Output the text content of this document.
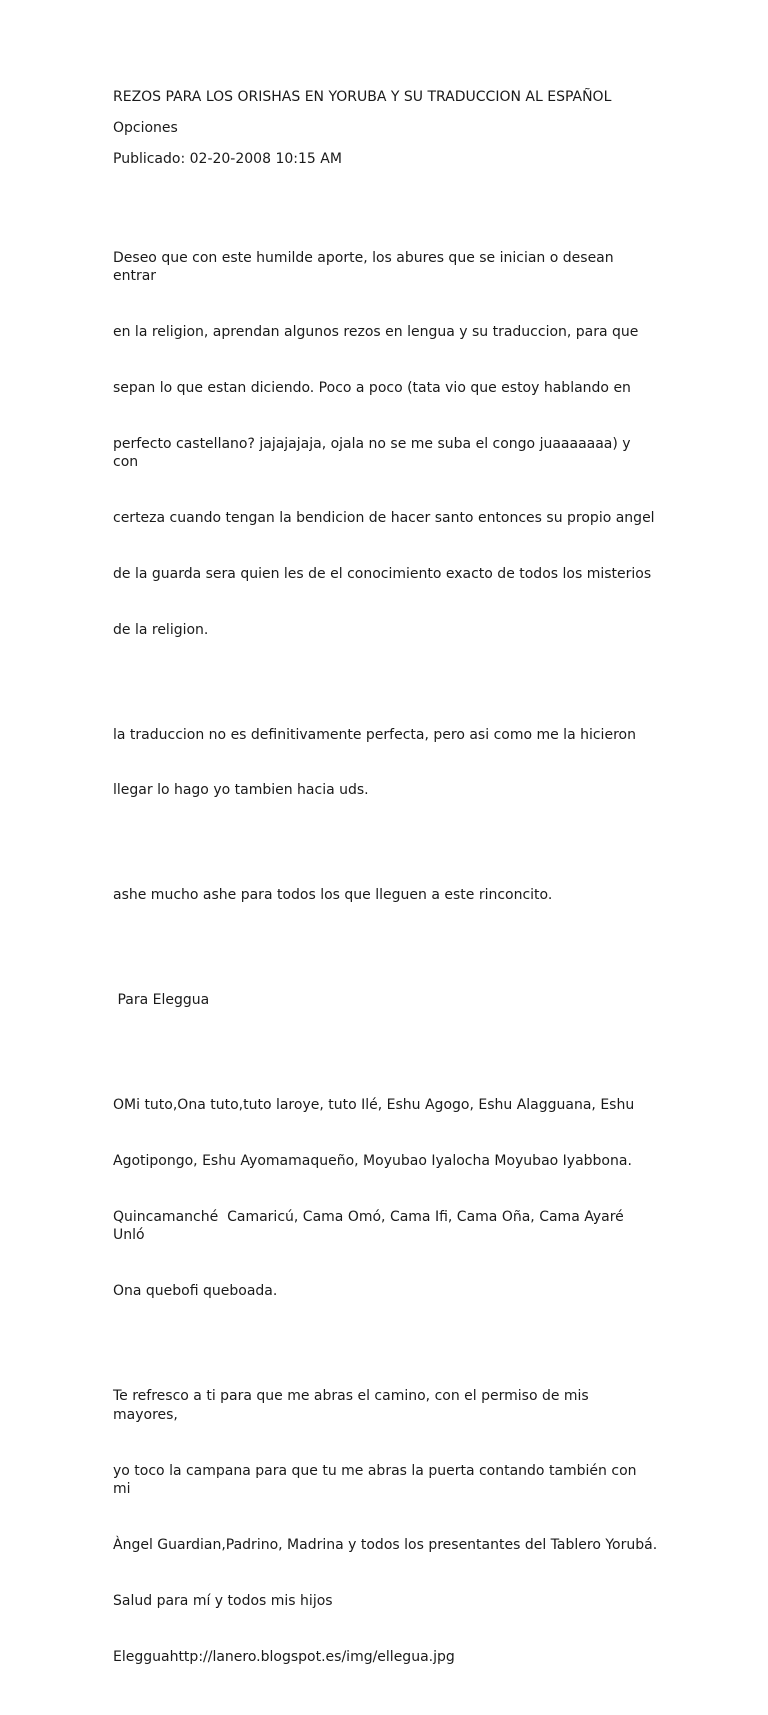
REZOS PARA LOS ORISHAS EN YORUBA Y SU TRADUCCION AL ESPAÑOL

Opciones

Publicado: 02-20-2008 10:15 AM

Deseo que con este humilde aporte, los abures que se inician o desean entrar

en la religion, aprendan algunos rezos en lengua y su traduccion, para que

sepan lo que estan diciendo. Poco a poco (tata vio que estoy hablando en

perfecto castellano? jajajajaja, ojala no se me suba el congo juaaaaaaa) y con

certeza cuando tengan la bendicion de hacer santo entonces su propio angel

de la guarda sera quien les de el conocimiento exacto de todos los misterios

de la religion.

la traduccion no es definitivamente perfecta, pero asi como me la hicieron

llegar lo hago yo tambien hacia uds.

ashe mucho ashe para todos los que lleguen a este rinconcito.

Para Eleggua

OMi tuto,Ona tuto,tuto laroye, tuto Ilé, Eshu Agogo, Eshu Alagguana, Eshu

Agotipongo, Eshu Ayomamaqueño, Moyubao Iyalocha Moyubao Iyabbona.

Quincamanché  Camaricú, Cama Omó, Cama Ifi, Cama Oña, Cama Ayaré Unló

Ona quebofi queboada.

Te refresco a ti para que me abras el camino, con el permiso de mis mayores,

yo toco la campana para que tu me abras la puerta contando también con mi

Àngel Guardian,Padrino, Madrina y todos los presentantes del Tablero Yorubá.

Salud para mí y todos mis hijos

Eleggua​http://lanero.blogspot.es/img/ellegua.jpg
